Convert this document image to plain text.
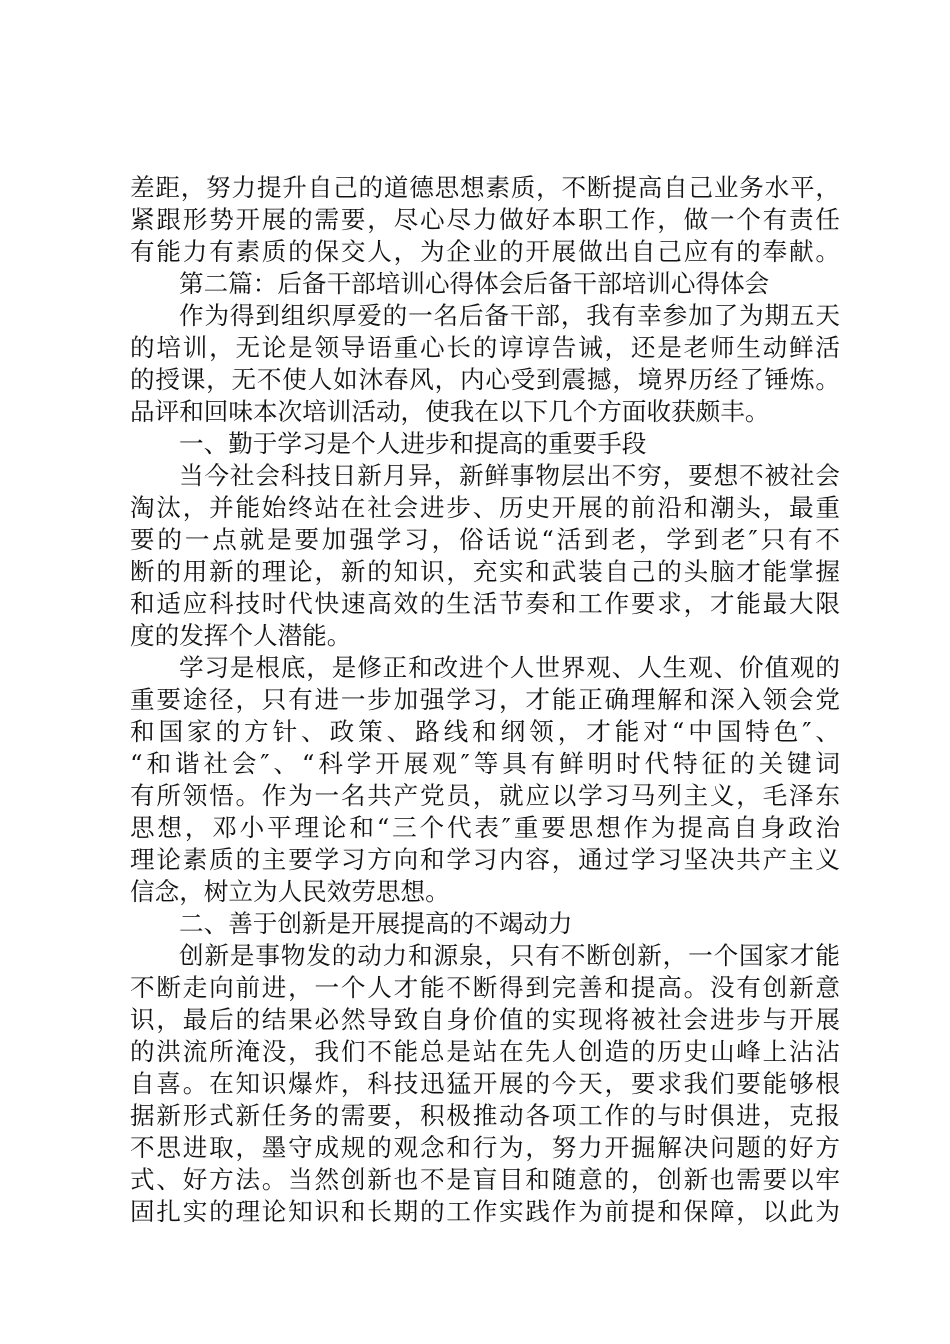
差距，努力提升自己的道德思想素质，不断提高自己业务水平，
紧跟形势开展的需要，尽心尽力做好本职工作，做一个有责任
有能力有素质的保交人，为企业的开展做出自己应有的奉献。
第二篇：后备干部培训心得体会后备干部培训心得体会
作为得到组织厚爱的一名后备干部，我有幸参加了为期五天
的培训，无论是领导语重心长的谆谆告诫，还是老师生动鲜活
的授课，无不使人如沐春风，内心受到震撼，境界历经了锤炼。
品评和回味本次培训活动，使我在以下几个方面收获颇丰。
一、勤于学习是个人进步和提高的重要手段
当今社会科技日新月异，新鲜事物层出不穷，要想不被社会
淘汰，并能始终站在社会进步、历史开展的前沿和潮头，最重
要的一点就是要加强学习，俗话说“活到老，学到老″只有不
断的用新的理论，新的知识，充实和武装自己的头脑才能掌握
和适应科技时代快速高效的生活节奏和工作要求，才能最大限
度的发挥个人潜能。
学习是根底，是修正和改进个人世界观、人生观、价值观的
重要途径，只有进一步加强学习，才能正确理解和深入领会党
和国家的方针、政策、路线和纲领，才能对“中国特色″、
“和谐社会″、“科学开展观″等具有鲜明时代特征的关键词
有所领悟。作为一名共产党员，就应以学习马列主义，毛泽东
思想，邓小平理论和“三个代表″重要思想作为提高自身政治
理论素质的主要学习方向和学习内容，通过学习坚决共产主义
信念，树立为人民效劳思想。
二、善于创新是开展提高的不竭动力
创新是事物发的动力和源泉，只有不断创新，一个国家才能
不断走向前进，一个人才能不断得到完善和提高。没有创新意
识，最后的结果必然导致自身价值的实现将被社会进步与开展
的洪流所淹没，我们不能总是站在先人创造的历史山峰上沾沾
自喜。在知识爆炸，科技迅猛开展的今天，要求我们要能够根
据新形式新任务的需要，积极推动各项工作的与时俱进，克报
不思进取，墨守成规的观念和行为，努力开掘解决问题的好方
式、好方法。当然创新也不是盲目和随意的，创新也需要以牢
固扎实的理论知识和长期的工作实践作为前提和保障，以此为
